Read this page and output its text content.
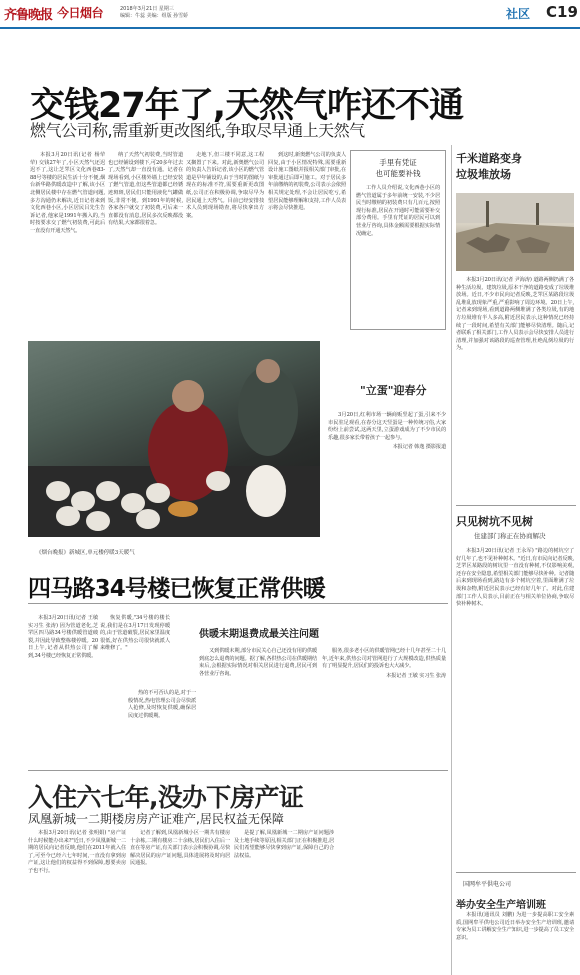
齐鲁晚报 今日烟台	2018年3月21日 星期三
编辑：牛蕊 美编：组版 孙雪娇	社区 C19
交钱27年了,天然气咋还不通
燃气公司称,需重新更改图纸,争取尽早通上天然气

本报3月20日讯(记者 杨荦荦) 交钱27年了,小区天然气还迟迟不了,这让芝罘区文化西巷83-88号等楼的居民生活十分不便,烟台新华路供暖改造中了解,该小区北侧居民楼中存在燃气管道问题,多方沟通仍未解决,近日记者来到文化西巷小区,小区居民吕先生告诉记者,他家是1991年搬入的,当时按要求交了燃气初装费,可此后一直没有开通天然气。

纳了天然气初装费,当时管道也已经铺设到楼下,可20多年过去了,天然气却一直没有通。记者在现场看到,小区楼外墙上已经安装了燃气管道,但这些管道都已经锈迹斑斑,居民们只能用液化气罐做饭,非常不便。到1991年的时候,各家各户就交了初装费,可后来一直都没有消息,居民多次反映都没有结果,大家都很着急。

走地下,但三楼不同意,这工程又搁置了下来。对此,新奥燃气公司的负责人告诉记者,该小区的燃气管道是早年铺设的,由于当时的图纸与现在的标准不符,需要重新更改图纸,公司正在积极协调,争取尽早为居民通上天然气。目前已经安排技术人员到现场勘查,将尽快拿出方案。

到这时,新奥燃气公司的负责人回复,由于小区情况特殊,需要重新设计施工图纸并报相关部门审批,在审批通过后即可施工。对于居民多年前缴纳的初装费,公司表示会依照相关规定处理,不会让居民吃亏,希望居民能够理解和支持,工作人员表示将会尽快推进。

手里有凭证
也可能要补钱

工作人员介绍说,文化西巷小区的燃气管道属于多年前统一安装,不少居民当时缴纳的初装费只有几百元,按照现行标准,居民在开通时可能需要补交部分费用。手里有凭证的居民可以到营业厅咨询,具体金额需要根据实际情况确定。

千米道路变身
垃圾堆放场

本报3月20日讯(记者 尹海涛) 道路两侧扔满了各种生活垃圾、建筑垃圾,原本干净的道路变成了垃圾堆放场。近日,不少市民向记者反映,芝罘区某路段垃圾乱堆乱放现象严重,严重影响了周边环境。20日上午,记者来到现场,看到道路两侧堆满了各类垃圾,有的地方垃圾堆有半人多高,附近居民表示,这种情况已经持续了一段时间,希望有关部门能够尽快清理。随后,记者联系了相关部门,工作人员表示会尽快安排人员进行清理,并加强对该路段的巡查管理,杜绝乱倒垃圾的行为。

《烟台晚报》新城区,单元楼停暖3天暖气
"立蛋"迎春分

3月20日,红利市场一辆商贩竖起了蛋,引来不少市民驻足观看,在春分这天竖蛋是一种传统习俗,大家纷纷上前尝试,这两天里,立蛋游戏成为了不少市民的乐趣,很多家长带着孩子一起参与。

本报记者 韩逸 摄影报道
只见树坑不见树
住建部门称正在协商解决

本报3月20日讯(记者 王永军) "路边的树坑空了好几年了,也不见补种树木。"近日,有市民向记者反映,芝罘区某路段的树坑里一直没有种树,不仅影响美观,还存在安全隐患,希望相关部门能够尽快补种。记者随后来到现场看到,路边有多个树坑空着,里面堆满了垃圾和杂物,附近居民表示已经有好几年了。对此,住建部门工作人员表示,目前正在与相关单位协商,争取尽快补种树木。

四马路34号楼已恢复正常供暖

本报3月20日讯(记者 王敏 实习生 张涛) 因为管道老化,芝罘区四马路34号楼供暖管道破裂,并因此导致整栋楼停暖。20日上午,记者从供热公司了解到,34号楼已经恢复正常供暖。

恢复供暖,"34号楼的楼长说,我们是在3月17日发现停暖的,由于管道破裂,居民家里温度很低,好在供热公司很快就派人来维修了。"

热的不可否认的是,对于一般情况,热电管理公司会尽快派人抢修,及时恢复供暖,确保居民度过供暖期。

供暖末期退费成最关注问题

又到供暖末期,部分市民关心自己还没有用的供暖到底怎么退费的问题。据了解,各供热公司在供暖期结束后,会根据实际情况对相关居民进行退费,居民可到各营业厅咨询。

服务,很多老小区的供暖管网已经十几年甚至二十几年,近年来,供热公司对管网进行了大规模改造,供热质量有了明显提升,居民们的投诉也大大减少。

本报记者 王敏 实习生 张涛
入住六七年,没办下房产证
凤凰新城一二期楼房房产证难产,居民权益无保障

本报3月20日讯(记者 张明娟) "房产证什么时候能办出来?"近日,不少凤凰新城一二期的居民向记者反映,他们在2011年就入住了,可至今已经六七年时间,一直没有拿到房产证,这让他们的权益得不到保障,想要卖房子也不行。

记者了解到,凤凰新城小区一期共有楼房十余栋,二期有楼房二十余栋,居民们入住后一直在等房产证,有关部门表示会积极协调,尽快解决居民的房产证问题,具体进展将及时向居民通报。

是提了解,凤凰新城一二期房产证问题涉及土地手续等原因,相关部门正在积极推进,居民们希望能够尽快拿到房产证,保障自己的合法权益。

国网牟平供电公司
举办安全生产培训班

本报讯(通讯员 刘鹏) 为进一步提高职工安全素质,国网牟平供电公司近日举办安全生产培训班,邀请专家为员工讲解安全生产知识,进一步提高了员工安全意识。
